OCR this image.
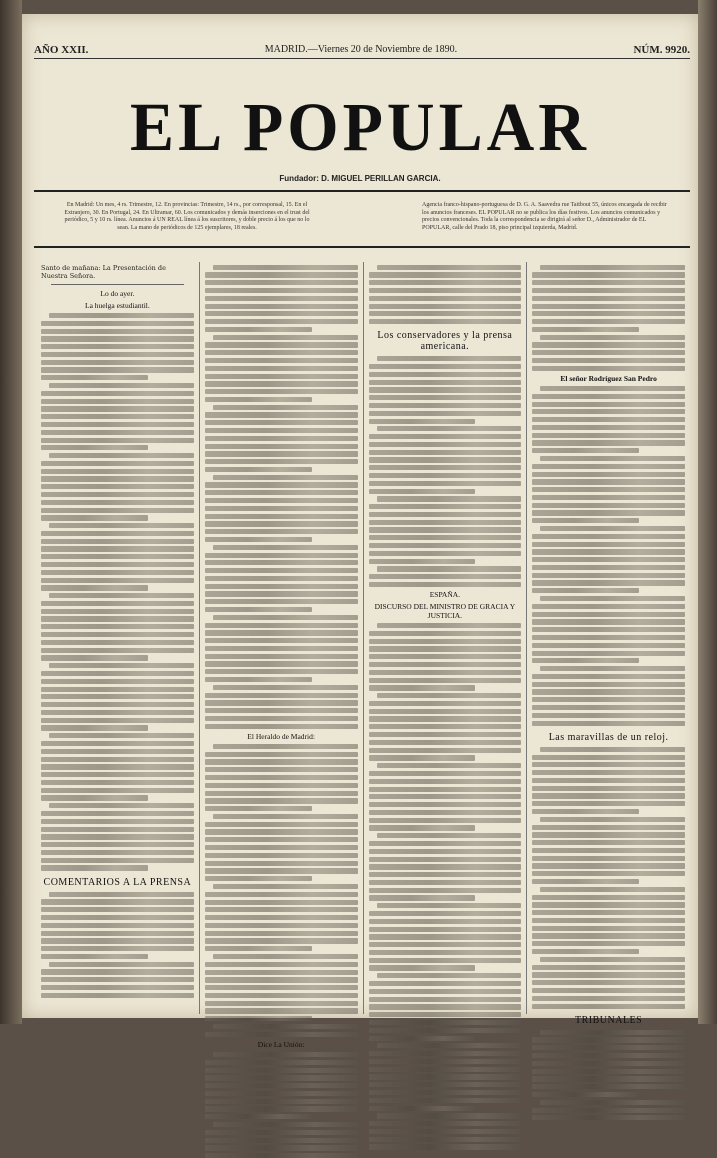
AÑO XXII.	MADRID.—Viernes 20 de Noviembre de 1890.	NÚM. 9920.
EL POPULAR
Fundador: D. MIGUEL PERILLAN GARCIA.
En Madrid: Un mes, 4 rs. Trimestre, 12. En provincias: Trimestre, 14 rs., por corresponsal, 15. En el Extranjero, 30. En Portugal, 24. En Ultramar, 60. Los comunicados y demás inserciones en el trust del periódico, 5 y 10 rs. línea. Anuncios á UN REAL línea á los suscritores, y doble precio á los que no lo sean. La mano de periódicos de 125 ejemplares, 18 reales.
Agencia franco-hispano-portuguesa de D. G. A. Saavedra rue Taitbout 55, únicos encargada de recibir los anuncios franceses. EL POPULAR no se publica los días festivos. Los anuncios comunicados y precios convencionales. Toda la correspondencia se dirigirá al señor D., Administrador de EL POPULAR, calle del Prado 18, piso principal izquierda, Madrid.
Santo de mañana: La Presentación de Nuestra Señora.
Lo do ayer.
La huelga estudiantil.
COMENTARIOS A LA PRENSA
El Heraldo de Madrid:
Dice La Unión:
Los conservadores y la prensa americana.
ESPAÑA.
DISCURSO DEL MINISTRO DE GRACIA Y JUSTICIA.
El señor Rodríguez San Pedro
Las maravillas de un reloj.
TRIBUNALES
